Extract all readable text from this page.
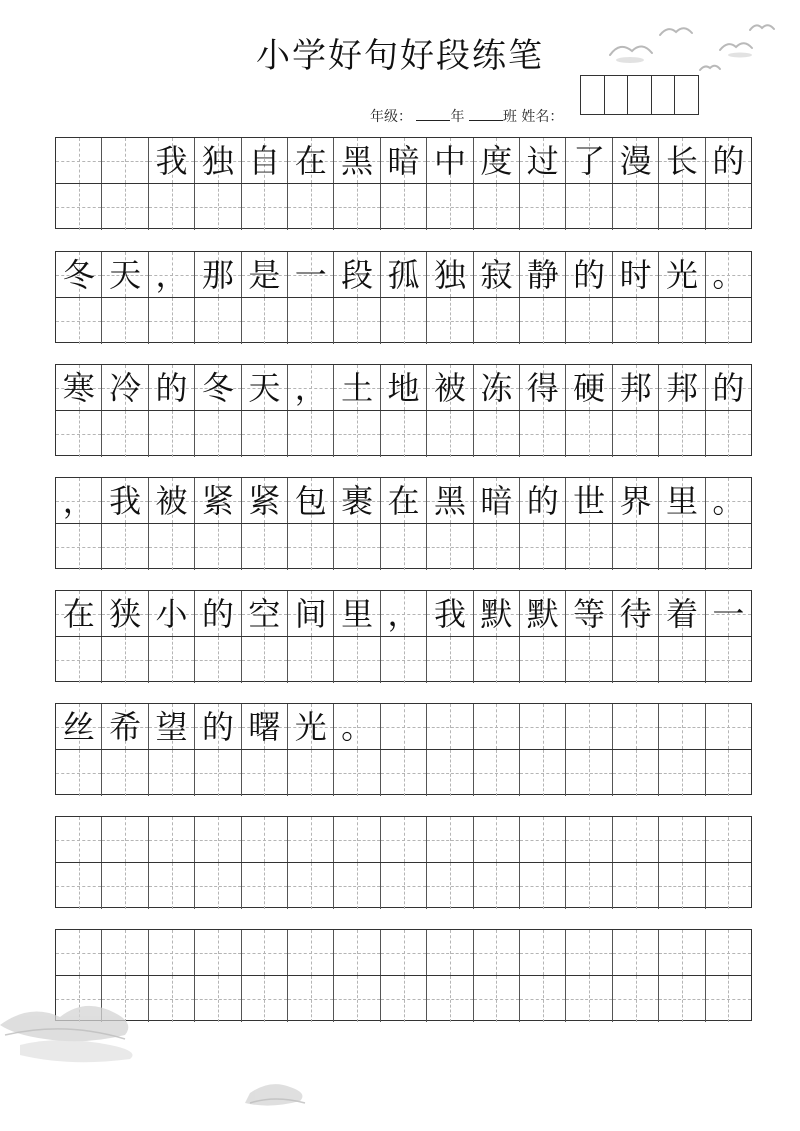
小学好句好段练笔
年级：	年	班 姓名：
我 独 自 在 黑 暗 中 度 过 了 漫 长 的
冬 天 ， 那 是 一 段 孤 独 寂 静 的 时 光 。
寒 冷 的 冬 天 ， 土 地 被 冻 得 硬 邦 邦 的
， 我 被 紧 紧 包 裹 在 黑 暗 的 世 界 里 。
在 狭 小 的 空 间 里 ， 我 默 默 等 待 着 一
丝 希 望 的 曙 光 。
